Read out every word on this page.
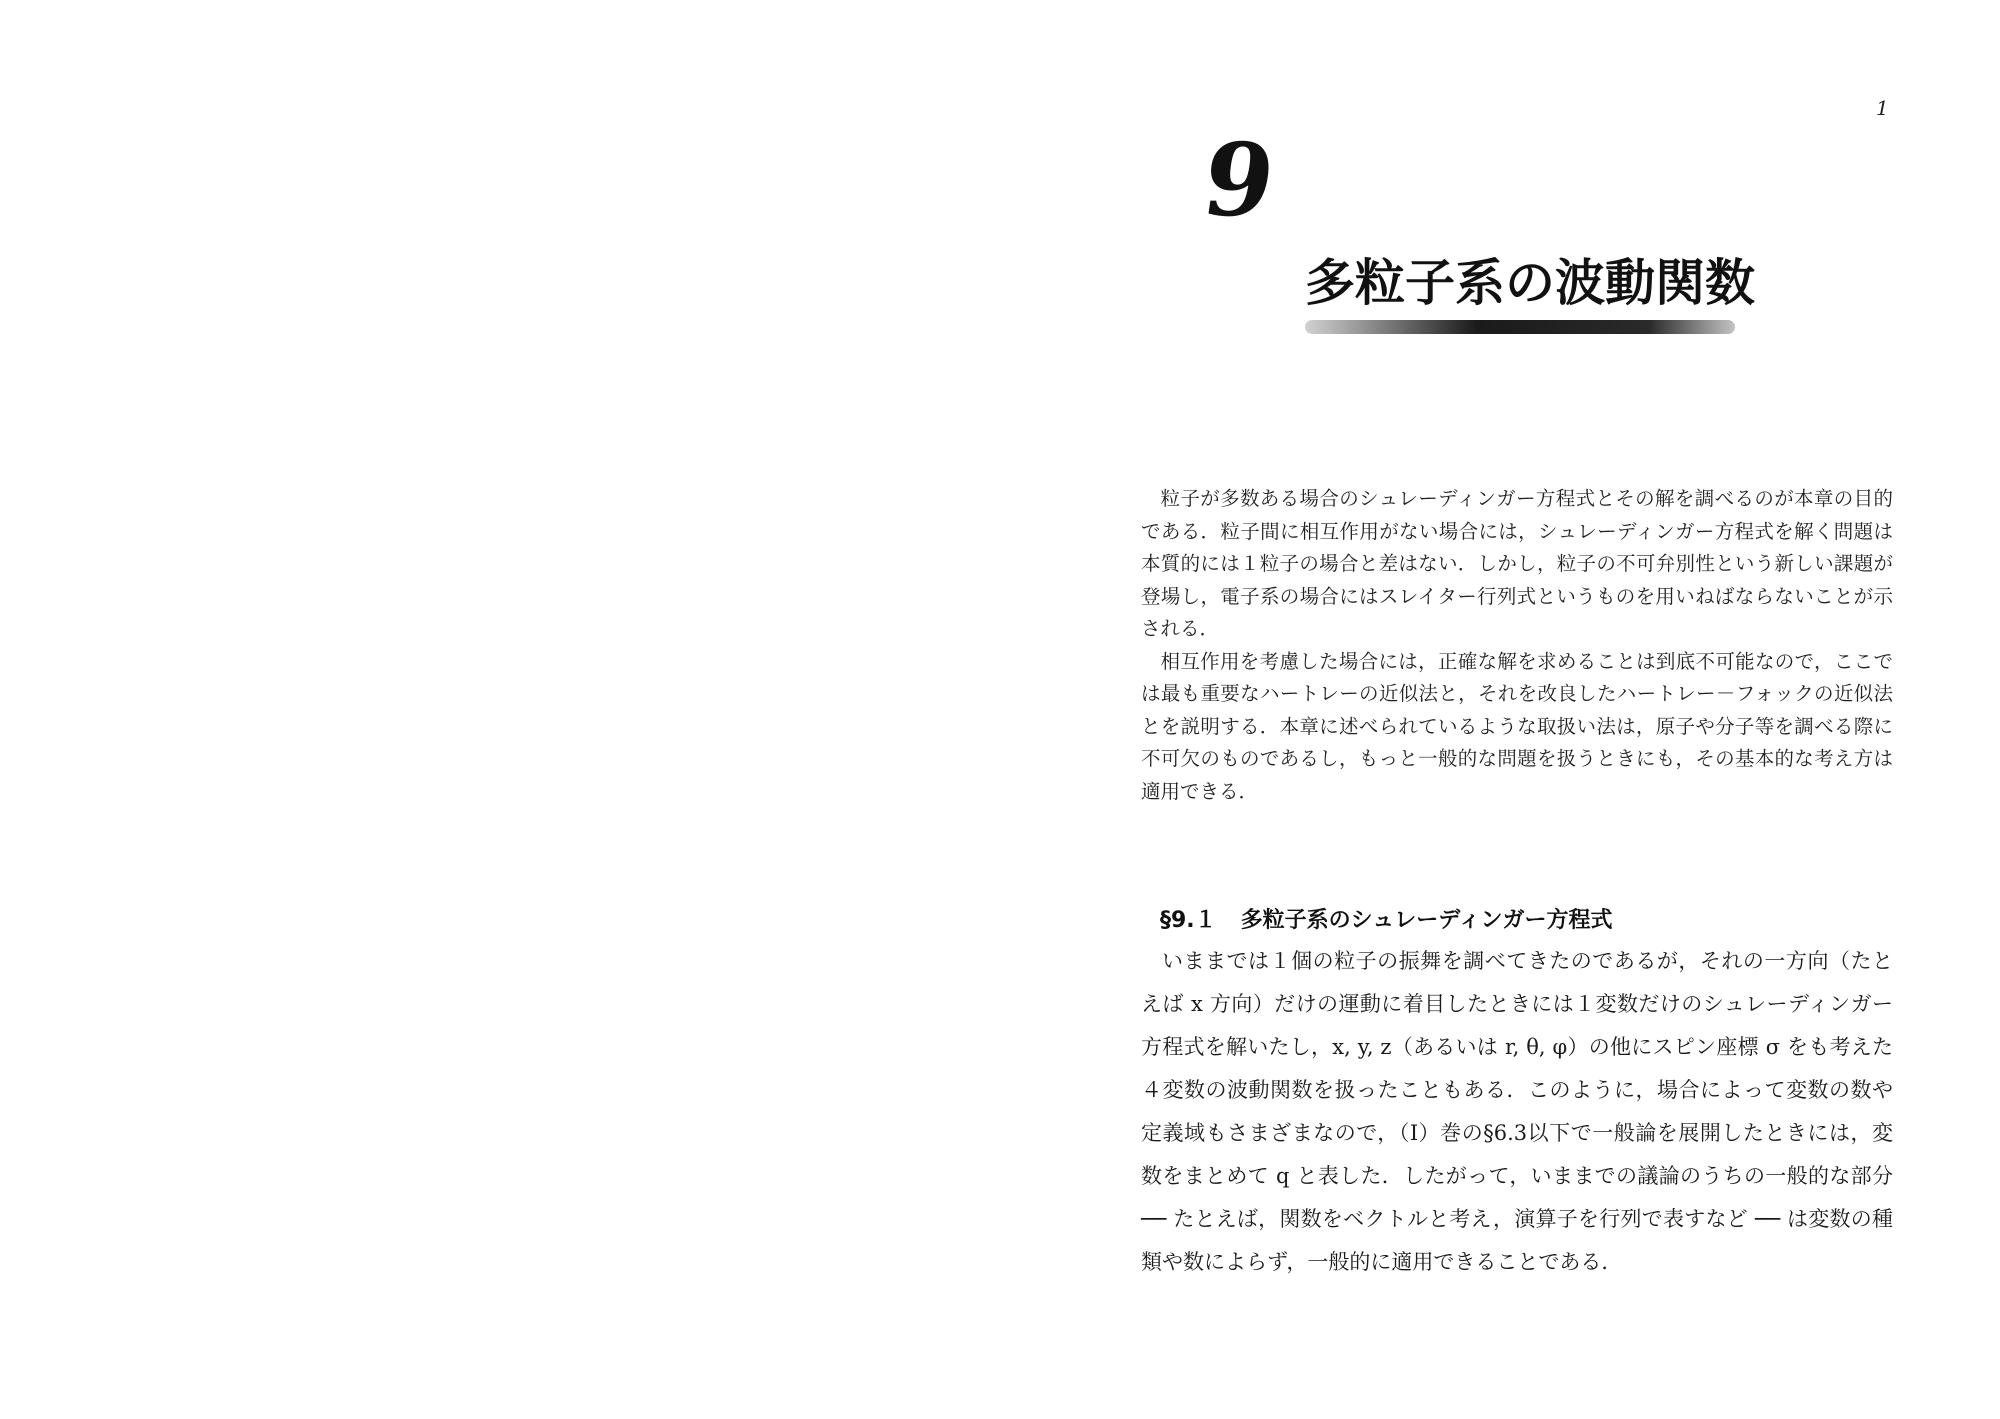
1
9
多粒子系の波動関数

粒子が多数ある場合のシュレーディンガー方程式とその解を調べるのが本章の目的である．粒子間に相互作用がない場合には，シュレーディンガー方程式を解く問題は本質的には１粒子の場合と差はない．しかし，粒子の不可弁別性という新しい課題が登場し，電子系の場合にはスレイター行列式というものを用いねばならないことが示される．

相互作用を考慮した場合には，正確な解を求めることは到底不可能なので，ここでは最も重要なハートレーの近似法と，それを改良したハートレー－フォックの近似法とを説明する．本章に述べられているような取扱い法は，原子や分子等を調べる際に不可欠のものであるし，もっと一般的な問題を扱うときにも，その基本的な考え方は適用できる．

§9.１ 多粒子系のシュレーディンガー方程式

いままでは１個の粒子の振舞を調べてきたのであるが，それの一方向（たとえば x 方向）だけの運動に着目したときには１変数だけのシュレーディンガー方程式を解いたし，x, y, z（あるいは r, θ, φ）の他にスピン座標 σ をも考えた４変数の波動関数を扱ったこともある．このように，場合によって変数の数や定義域もさまざまなので，（Ⅰ）巻の§6.3以下で一般論を展開したときには，変数をまとめて q と表した．したがって，いままでの議論のうちの一般的な部分 ── たとえば，関数をベクトルと考え，演算子を行列で表すなど ── は変数の種類や数によらず，一般的に適用できることである．
